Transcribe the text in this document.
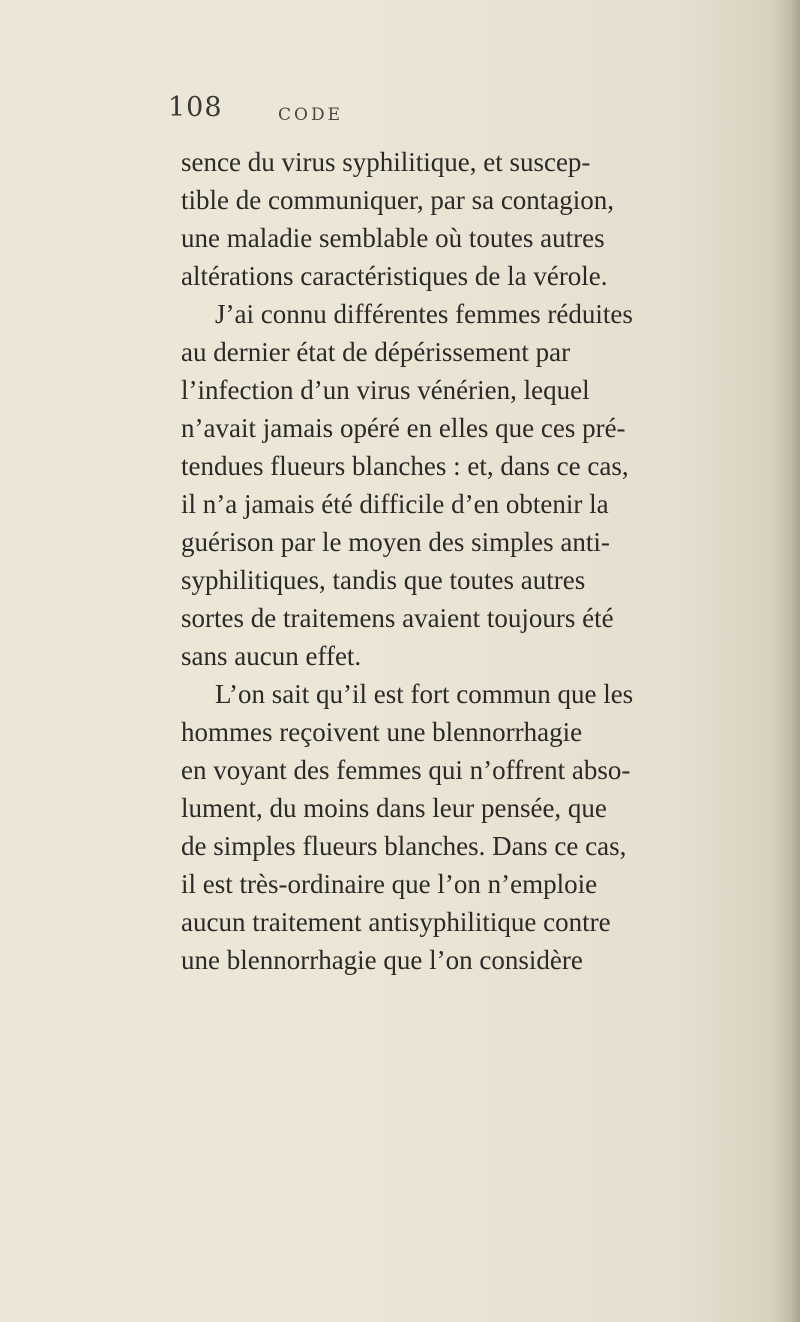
108	CODE
sence du virus syphilitique, et suscep-
tible de communiquer, par sa contagion,
une maladie semblable où toutes autres
altérations caractéristiques de la vérole.
J’ai connu différentes femmes réduites
au dernier état de dépérissement par
l’infection d’un virus vénérien, lequel
n’avait jamais opéré en elles que ces pré-
tendues flueurs blanches : et, dans ce cas,
il n’a jamais été difficile d’en obtenir la
guérison par le moyen des simples anti-
syphilitiques, tandis que toutes autres
sortes de traitemens avaient toujours été
sans aucun effet.
L’on sait qu’il est fort commun que les
hommes reçoivent une blennorrhagie
en voyant des femmes qui n’offrent abso-
lument, du moins dans leur pensée, que
de simples flueurs blanches. Dans ce cas,
il est très-ordinaire que l’on n’emploie
aucun traitement antisyphilitique contre
une blennorrhagie que l’on considère
